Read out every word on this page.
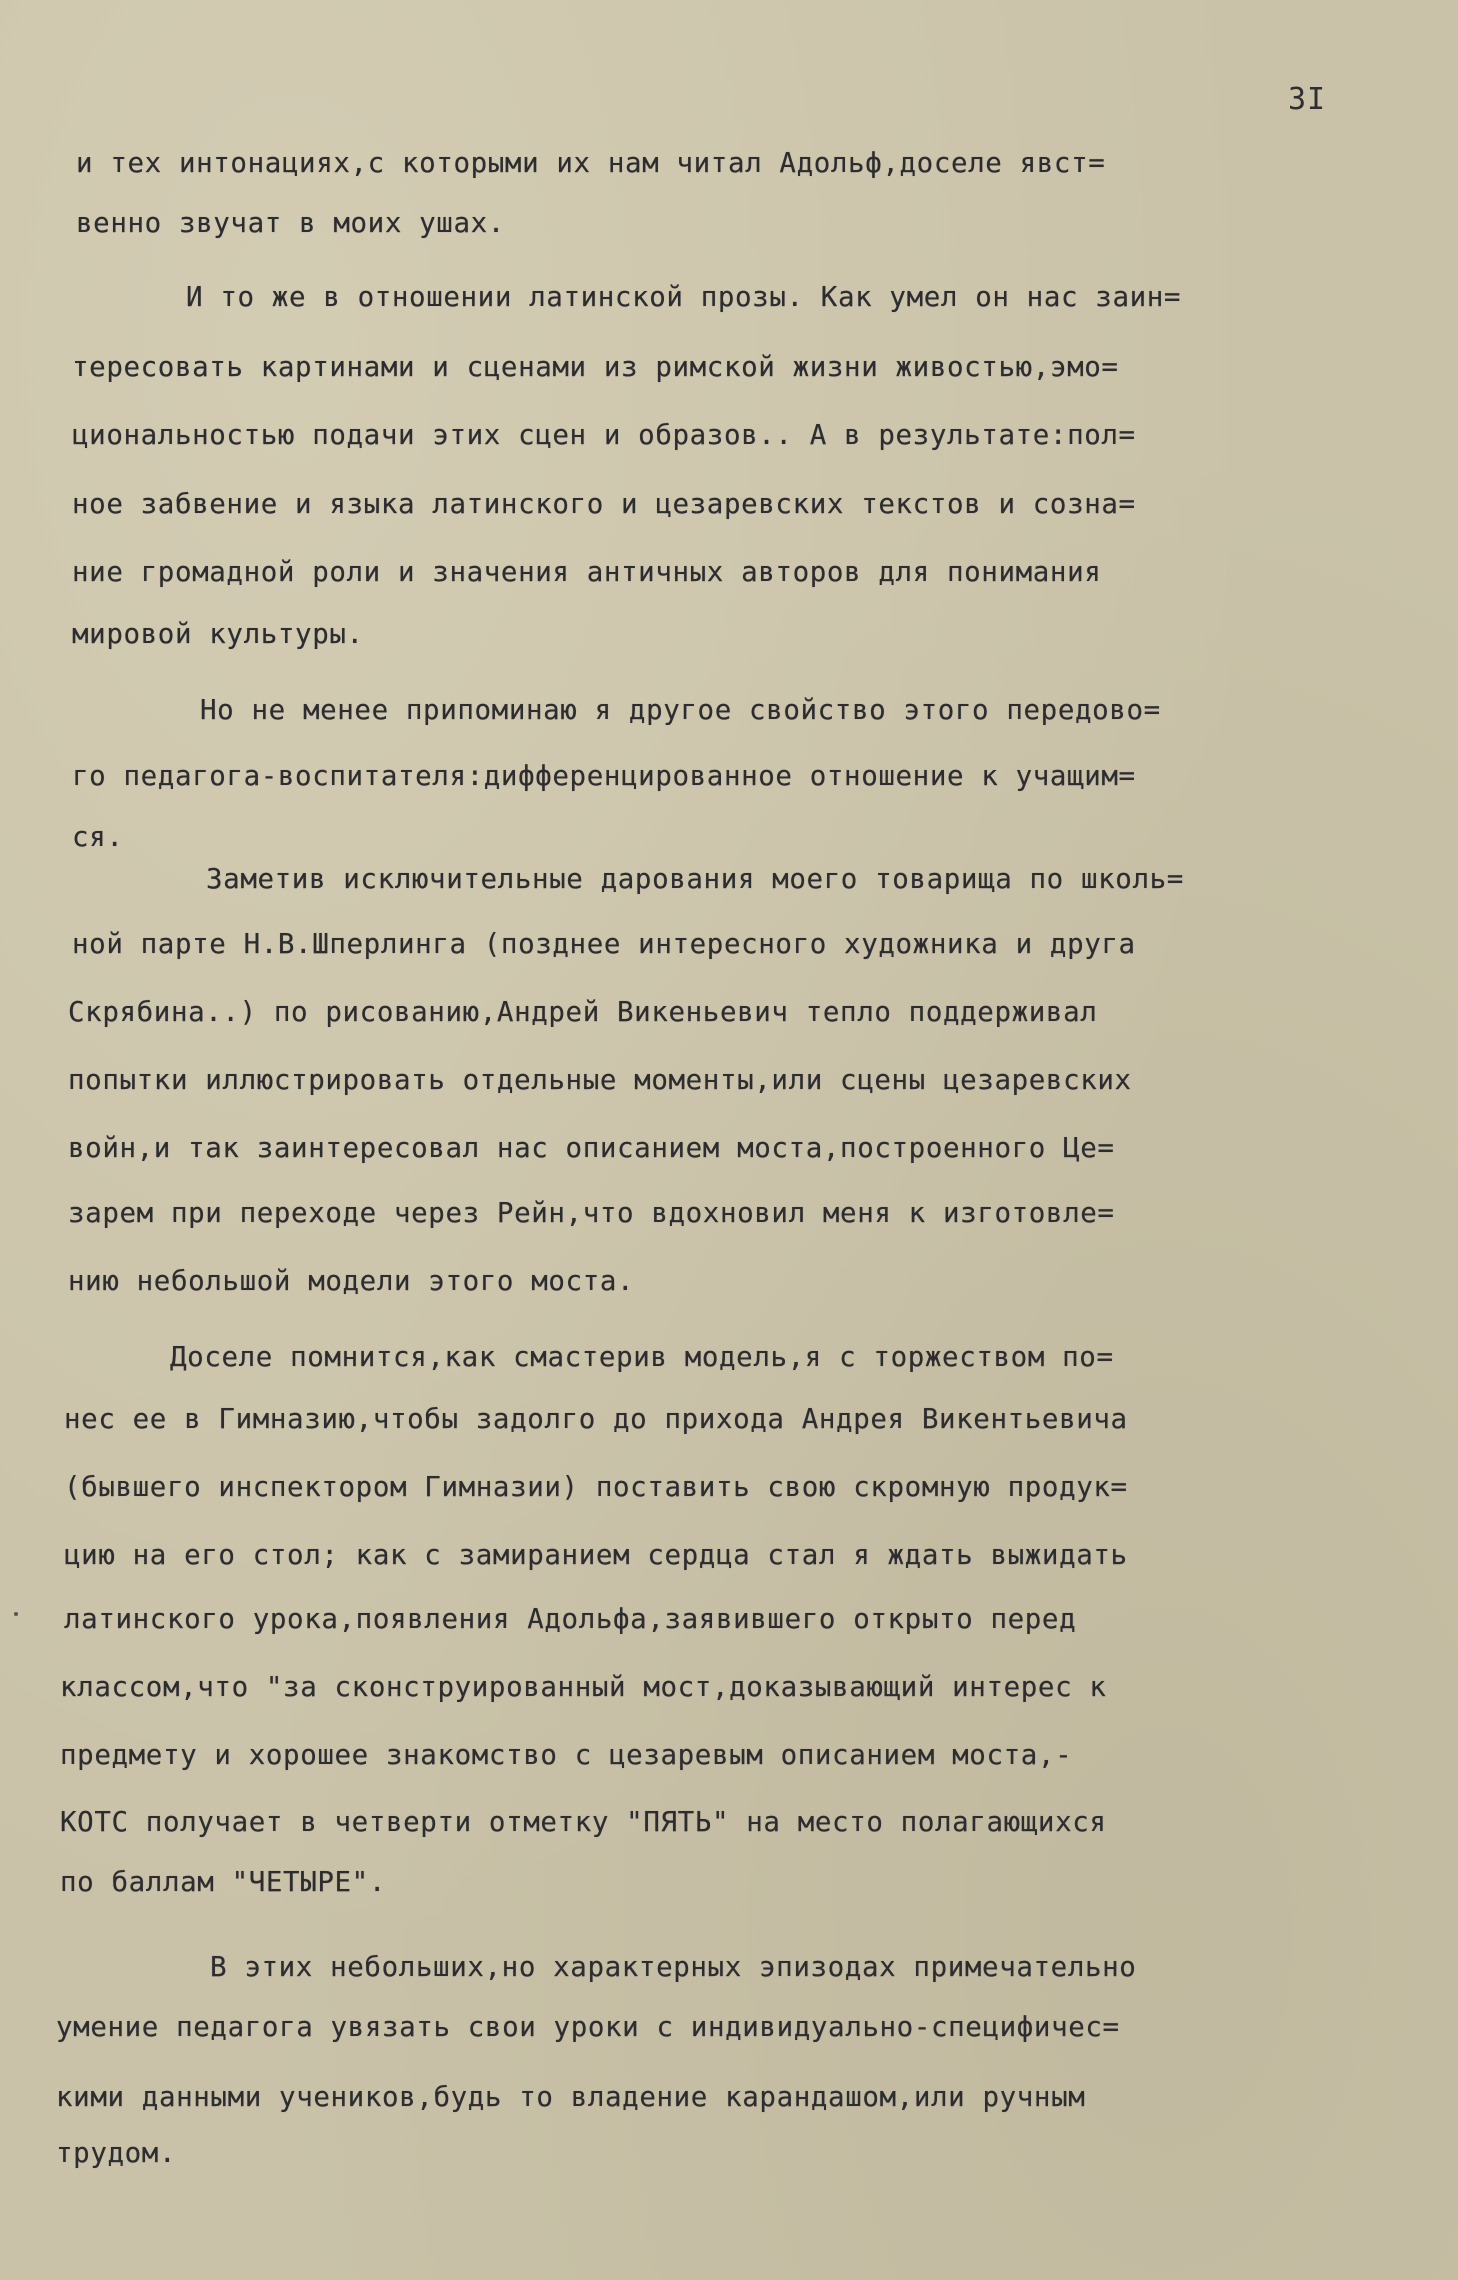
3I
и тех интонациях,с которыми их нам читал Адольф,доселе явст=
венно звучат в моих ушах.
И то же в отношении латинской прозы. Как умел он нас заин=
тересовать картинами и сценами из римской жизни живостью,эмо=
циональностью подачи этих сцен и образов.. А в результате:пол=
ное забвение и языка латинского и цезаревских текстов и созна=
ние громадной роли и значения античных авторов для понимания
мировой культуры.
Но не менее припоминаю я другое свойство этого передово=
го педагога-воспитателя:дифференцированное отношение к учащим=
ся.
Заметив исключительные дарования моего товарища по школь=
ной парте Н.В.Шперлинга (позднее интересного художника и друга
Скрябина..) по рисованию,Андрей Викеньевич тепло поддерживал
попытки иллюстрировать отдельные моменты,или сцены цезаревских
войн,и так заинтересовал нас описанием моста,построенного Це=
зарем при переходе через Рейн,что вдохновил меня к изготовле=
нию небольшой модели этого моста.
Доселе помнится,как смастерив модель,я с торжеством по=
нес ее в Гимназию,чтобы задолго до прихода Андрея Викентьевича
(бывшего инспектором Гимназии) поставить свою скромную продук=
цию на его стол; как с замиранием сердца стал я ждать выжидать
латинского урока,появления Адольфа,заявившего открыто перед
классом,что "за сконструированный мост,доказывающий интерес к
предмету и хорошее знакомство с цезаревым описанием моста,-
КОТС получает в четверти отметку "ПЯТЬ" на место полагающихся
по баллам "ЧЕТЫРЕ".
В этих небольших,но характерных эпизодах примечательно
умение педагога увязать свои уроки с индивидуально-специфичес=
кими данными учеников,будь то владение карандашом,или ручным
трудом.
